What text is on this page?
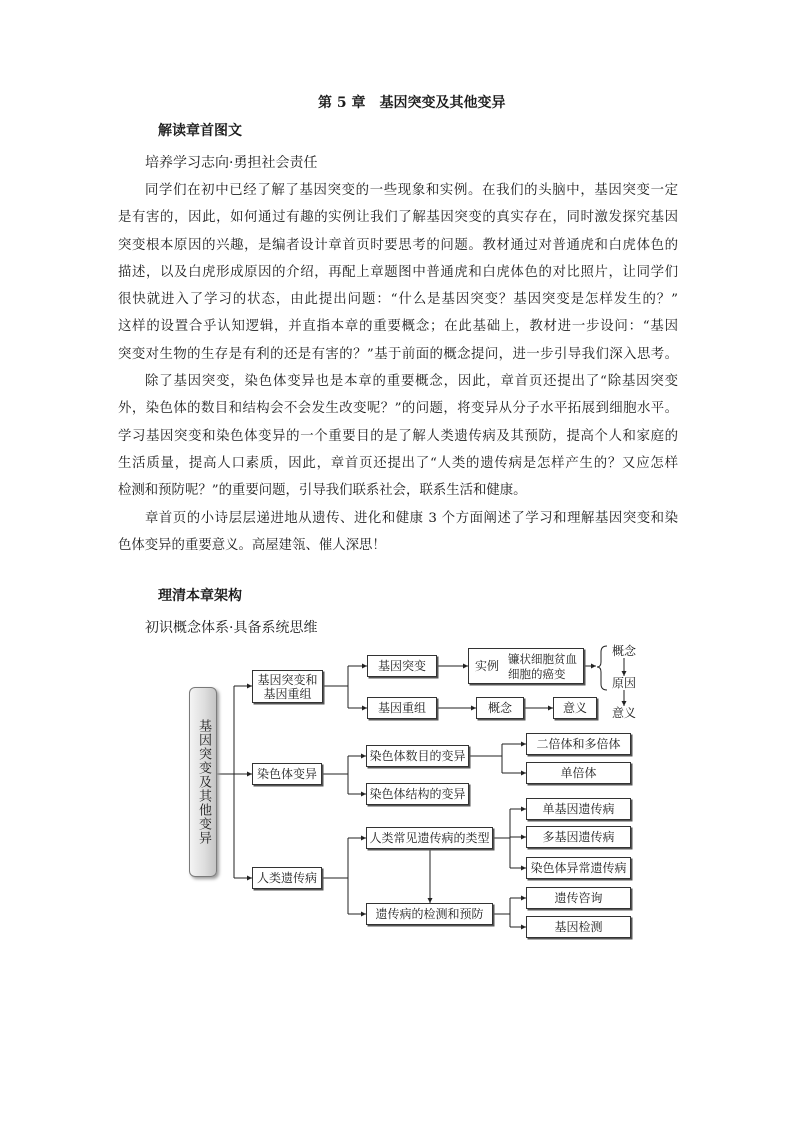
第 5 章　基因突变及其他变异
解读章首图文
培养学习志向·勇担社会责任
同学们在初中已经了解了基因突变的一些现象和实例。在我们的头脑中，基因突变一定
是有害的，因此，如何通过有趣的实例让我们了解基因突变的真实存在，同时激发探究基因
突变根本原因的兴趣，是编者设计章首页时要思考的问题。教材通过对普通虎和白虎体色的
描述，以及白虎形成原因的介绍，再配上章题图中普通虎和白虎体色的对比照片，让同学们
很快就进入了学习的状态，由此提出问题：“什么是基因突变？基因突变是怎样发生的？”
这样的设置合乎认知逻辑，并直指本章的重要概念；在此基础上，教材进一步设问：“基因
突变对生物的生存是有利的还是有害的？”基于前面的概念提问，进一步引导我们深入思考。
除了基因突变，染色体变异也是本章的重要概念，因此，章首页还提出了“除基因突变
外，染色体的数目和结构会不会发生改变呢？”的问题，将变异从分子水平拓展到细胞水平。
学习基因突变和染色体变异的一个重要目的是了解人类遗传病及其预防，提高个人和家庭的
生活质量，提高人口素质，因此，章首页还提出了“人类的遗传病是怎样产生的？又应怎样
检测和预防呢？”的重要问题，引导我们联系社会，联系生活和健康。
章首页的小诗层层递进地从遗传、进化和健康 3 个方面阐述了学习和理解基因突变和染
色体变异的重要意义。高屋建瓴、催人深思！
理清本章架构
初识概念体系·具备系统思维
基因突变及其他变异
基因突变和
基因重组
基因突变
基因重组
实例 镰状细胞贫血
细胞的癌变
概念
原因
意义
概念	意义
染色体变异
染色体数目的变异
染色体结构的变异
二倍体和多倍体
单倍体
人类遗传病
人类常见遗传病的类型
遗传病的检测和预防
单基因遗传病
多基因遗传病
染色体异常遗传病
遗传咨询
基因检测
